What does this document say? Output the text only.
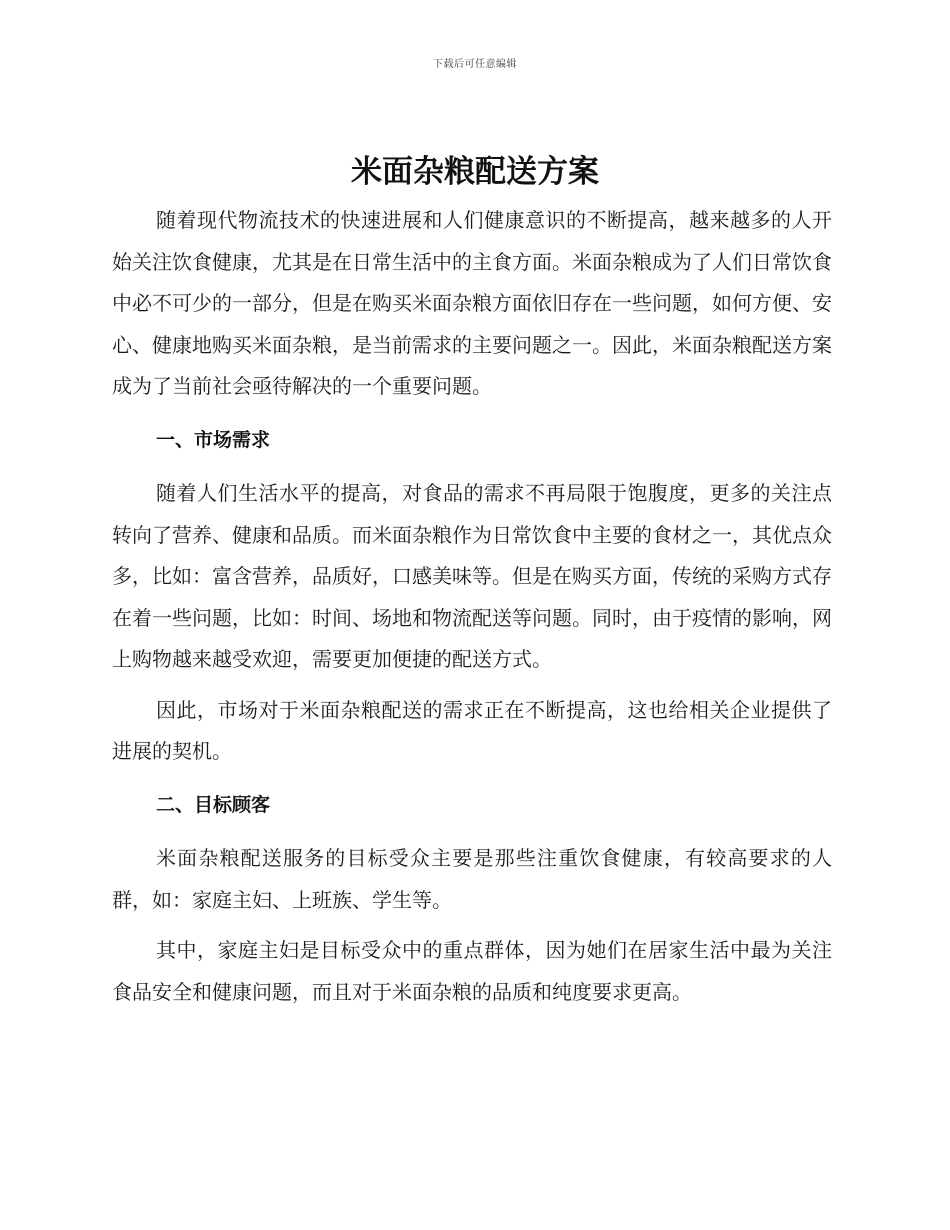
下载后可任意编辑
米面杂粮配送方案

随着现代物流技术的快速进展和人们健康意识的不断提高，越来越多的人开始关注饮食健康，尤其是在日常生活中的主食方面。米面杂粮成为了人们日常饮食中必不可少的一部分，但是在购买米面杂粮方面依旧存在一些问题，如何方便、安心、健康地购买米面杂粮，是当前需求的主要问题之一。因此，米面杂粮配送方案成为了当前社会亟待解决的一个重要问题。

一、市场需求

随着人们生活水平的提高，对食品的需求不再局限于饱腹度，更多的关注点转向了营养、健康和品质。而米面杂粮作为日常饮食中主要的食材之一，其优点众多，比如：富含营养，品质好，口感美味等。但是在购买方面，传统的采购方式存在着一些问题，比如：时间、场地和物流配送等问题。同时，由于疫情的影响，网上购物越来越受欢迎，需要更加便捷的配送方式。

因此，市场对于米面杂粮配送的需求正在不断提高，这也给相关企业提供了进展的契机。

二、目标顾客

米面杂粮配送服务的目标受众主要是那些注重饮食健康，有较高要求的人群，如：家庭主妇、上班族、学生等。

其中，家庭主妇是目标受众中的重点群体，因为她们在居家生活中最为关注食品安全和健康问题，而且对于米面杂粮的品质和纯度要求更高。
